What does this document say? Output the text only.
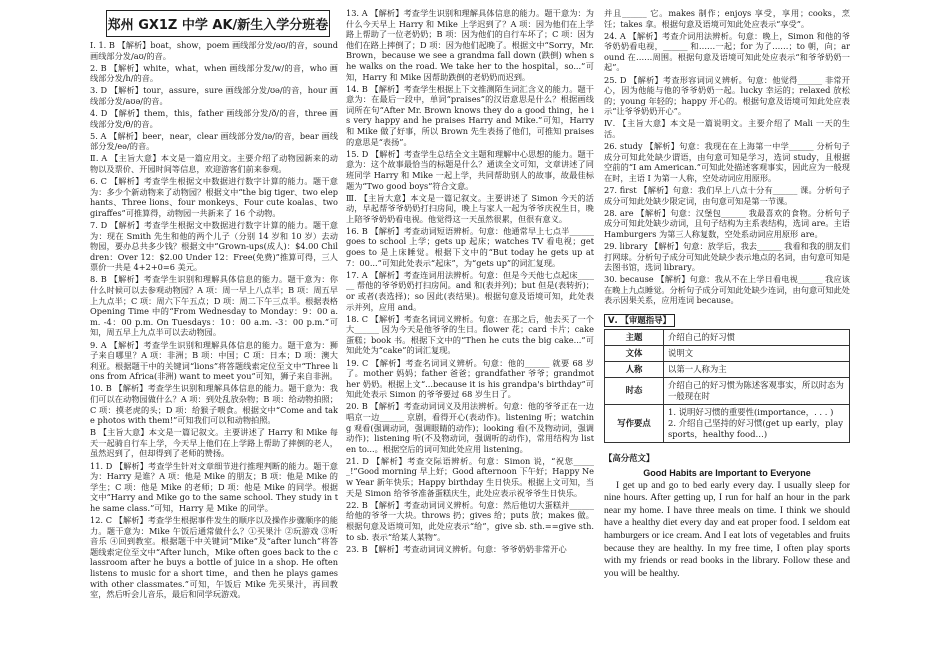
郑州 GX1Z 中学 AK/新生入学分班卷

Ⅰ. 1. B 【解析】boat，show，poem 画线部分发/əʊ/的音，sound 画线部分发/aʊ/的音。

2. B 【解析】white，what，when 画线部分发/w/的音，who 画线部分发/h/的音。

3. D 【解析】tour，assure，sure 画线部分发/ʊə/的音，hour 画线部分发/aʊə/的音。

4. D 【解析】them，this，father 画线部分发/ð/的音，three 画线部分发/θ/的音。

5. A 【解析】beer，near，clear 画线部分发/ɪə/的音，bear 画线部分发/eə/的音。

Ⅱ. A 【主旨大意】本文是一篇应用文。主要介绍了动物园新来的动物以及票价、开园时间等信息，欢迎游客们前来参观。

6. C 【解析】考查学生根据文中数据进行数字计算的能力。题干意为：多少个新动物来了动物园？根据文中“the big tiger、two elephants、Three lions、four monkeys、Four cute koalas、two giraffes”可推算得，动物园一共新来了 16 个动物。

7. D 【解析】考查学生根据文中数据进行数字计算的能力。题干意为：现在 Smith 先生和他的两个儿子（分别 14 岁和 10 岁）去动物园，要办总共多少钱？根据文中“Grown-ups(成人)：$4.00 Children：Over 12：$2.00 Under 12：Free(免费)”推算可得，三人票价一共是 4+2+0=6 美元。

8. B 【解析】考查学生识别和理解具体信息的能力。题干意为：你什么时候可以去参观动物园？A 项：周一早上八点半；B 项：周五早上九点半；C 项：周六下午五点；D 项：周二下午三点半。根据表格 Opening Time 中的“From Wednesday to Monday：9：00 a.m. -4：00 p.m. On Tuesdays：10：00 a.m. -3：00 p.m.”可知，周五早上九点半可以去动物园。

9. A 【解析】考查学生识别和理解具体信息的能力。题干意为：狮子来自哪里？A 项：非洲；B 项：中国；C 项：日本；D 项：澳大利亚。根据题干中的关键词“lions”将答题线索定位至文中“Three lions from Africa(非洲) want to meet you”可知，狮子来自非洲。

10. B 【解析】考查学生识别和理解具体信息的能力。题干意为：我们可以在动物园做什么？A 项：到处乱放杂物；B 项：给动物拍照；C 项：摸老虎的头；D 项：给猴子喂食。根据文中“Come and take photos with them!”可知我们可以和动物拍照。

B 【主旨大意】本文是一篇记叙文。主要讲述了 Harry 和 Mike 每天一起骑自行车上学，今天早上他们在上学路上帮助了摔倒的老人，虽然迟到了，但却得到了老师的赞扬。

11. D 【解析】考查学生针对文章细节进行推理判断的能力。题干意为：Harry 是谁？A 项：他是 Mike 的朋友；B 项：他是 Mike 的学生；C 项：他是 Mike 的老师；D 项：他是 Mike 的同学。根据文中“Harry and Mike go to the same school. They study in the same class.”可知，Harry 是 Mike 的同学。

12. C 【解析】考查学生根据事件发生的顺序以及操作步骤顺序的能力。题干意为：Mike 午饭后通常做什么？①买果汁 ②玩游戏 ③听音乐 ④回到教室。根据题干中关键词“Mike”及“after lunch”将答题线索定位至文中“After lunch，Mike often goes back to the classroom after he buys a bottle of juice in a shop. He often listens to music for a short time，and then he plays games with other classmates.”可知，午饭后 Mike 先买果汁，再回教室，然后听会儿音乐，最后和同学玩游戏。

13. A 【解析】考查学生识别和理解具体信息的能力。题干意为：为什么今天早上 Harry 和 Mike 上学迟到了？A 项：因为他们在上学路上帮助了一位老奶奶；B 项：因为他们的自行车坏了；C 项：因为他们在路上摔倒了；D 项：因为他们起晚了。根据文中“Sorry，Mr. Brown，because we see a grandma fall down (跌倒) when she walks on the road. We take her to the hospital，so...”可知，Harry 和 Mike 因帮助跌倒的老奶奶而迟到。

14. B 【解析】考查学生根据上下文推测陌生词汇含义的能力。题干意为：在最后一段中，单词“praises”的汉语意思是什么？根据画线词所在句“After Mr. Brown knows they do a good thing，he is very happy and he praises Harry and Mike.”可知，Harry 和 Mike 做了好事，所以 Brown 先生表扬了他们，可推知 praises 的意思是“表扬”。

15. D 【解析】考查学生总结全文主题和理解中心思想的能力。题干意为：这个故事最恰当的标题是什么？通读全文可知，文章讲述了同班同学 Harry 和 Mike 一起上学，共同帮助别人的故事，故最佳标题为“Two good boys”符合文意。

Ⅲ. 【主旨大意】本文是一篇记叙文。主要讲述了 Simon 今天的活动，早起帮爷爷奶奶打扫房间，晚上与家人一起为爷爷庆祝生日，晚上陪爷爷奶奶看电视。他觉得这一天虽然很累，但很有意义。

16. B 【解析】考查动词短语辨析。句意：他通常早上七点半______ goes to school 上学；gets up 起床；watches TV 看电视；get goes to 是上床睡觉。根据下文中的“But today he gets up at 7：00...”可知此处表示“起床”，为“gets up”的词汇复现。

17. A 【解析】考查连词用法辨析。句意：但是今天他七点起床______ 帮他的爷爷奶奶打扫房间。and 和(表并列)；but 但是(表转折)；or 或者(表选择)；so 因此(表结果)。根据句意及语境可知，此处表示并列，应用 and。

18. C 【解析】考查名词词义辨析。句意：在那之后，他去买了一个大______ 因为今天是他爷爷的生日。flower 花；card 卡片；cake 蛋糕；book 书。根据下文中的“Then he cuts the big cake...”可知此处为“cake”的词汇复现。

19. C 【解析】考查名词词义辨析。句意：他的______ 就要 68 岁了。mother 妈妈；father 爸爸；grandfather 爷爷；grandmother 奶奶。根据上文“...because it is his grandpa's birthday”可知此处表示 Simon 的爷爷要过 68 岁生日了。

20. B 【解析】考查动词词义及用法辨析。句意：他的爷爷正在一边唱京一边______ 京剧，看得开心(表动作)。listening 听；watching 观看(强调动词，强调眼睛的动作)；looking 看(不及物动词，强调动作)；listening 听(不及物动词，强调听的动作)，常用结构为 listen to...。根据空后的词可知此处应用 listening。

21. D 【解析】考查交际语辨析。句意：Simon 说，“祝您______!”Good morning 早上好；Good afternoon 下午好；Happy New Year 新年快乐；Happy birthday 生日快乐。根据上文可知，当天是 Simon 给爷爷准备蛋糕庆生，此处应表示祝爷爷生日快乐。

22. B 【解析】考查动词词义辨析。句意：然后他切大蛋糕并______ 给他的爷爷一大块。throws 扔；gives 给；puts 放；makes 做。根据句意及语境可知，此处应表示“给”，give sb. sth.==give sth. to sb. 表示“给某人某物”。

23. B 【解析】考查动词词义辨析。句意：爷爷奶奶非常开心

并且______ 它。makes 制作；enjoys 享受，享用；cooks，烹饪；takes 拿。根据句意及语境可知此处应表示“享受”。

24. A 【解析】考查介词用法辨析。句意：晚上，Simon 和他的爷爷奶奶看电视，______ 和……一起；for 为了……；to 朝，向；around 在……周围。根据句意及语境可知此处应表示“和爷爷奶奶一起”。

25. D 【解析】考查形容词词义辨析。句意：他觉得______ 非常开心，因为他能与他的爷爷奶奶一起。lucky 幸运的；relaxed 放松的；young 年轻的；happy 开心的。根据句意及语境可知此处应表示“让爷爷奶奶开心”。

Ⅳ. 【主旨大意】本文是一篇说明文。主要介绍了 Mali 一天的生活。

26. study 【解析】句意：我现在在上海第一中学______ 分析句子成分可知此处缺少谓语，由句意可知是学习，选词 study，且根据空前的“I am American.”可知此处描述客观事实，因此应为一般现在时，主语 I 为第一人称，空处动词应用原形。

27. first 【解析】句意：我们早上八点十分有______ 课。分析句子成分可知此处缺少限定词，由句意可知是第一节课。

28. are 【解析】句意：汉堡包______ 我最喜欢的食物。分析句子成分可知此处缺少动词，且句子结构为主系表结构，选词 are。主语 Hamburgers 为第三人称复数，空处系动词应用原形 are。

29. library 【解析】句意：放学后，我去______ 我看和我的朋友们打网球。分析句子成分可知此处缺少表示地点的名词，由句意可知是去图书馆，选词 library。

30. because 【解析】句意：我从不在上学日看电视______ 我应该在晚上九点睡觉。分析句子成分可知此处缺少连词，由句意可知此处表示因果关系，应用连词 because。

Ⅴ. 【审题指导】
主题	介绍自己的好习惯
文体	说明文
人称	以第一人称为主
时态	介绍自己的好习惯为陈述客观事实，所以时态为一般现在时
写作要点	1. 说明好习惯的重要性(importance，. . . )
2. 介绍自己坚持的好习惯(get up early，play sports，healthy food…)
【高分范文】
Good Habits are Important to Everyone

I get up and go to bed early every day. I usually sleep for nine hours. After getting up, I run for half an hour in the park near my home. I have three meals on time. I think we should have a healthy diet every day and eat proper food. I seldom eat hamburgers or ice cream. And I eat lots of vegetables and fruits because they are healthy. In my free time, I often play sports with my friends or read books in the library. Follow these and you will be healthy.
